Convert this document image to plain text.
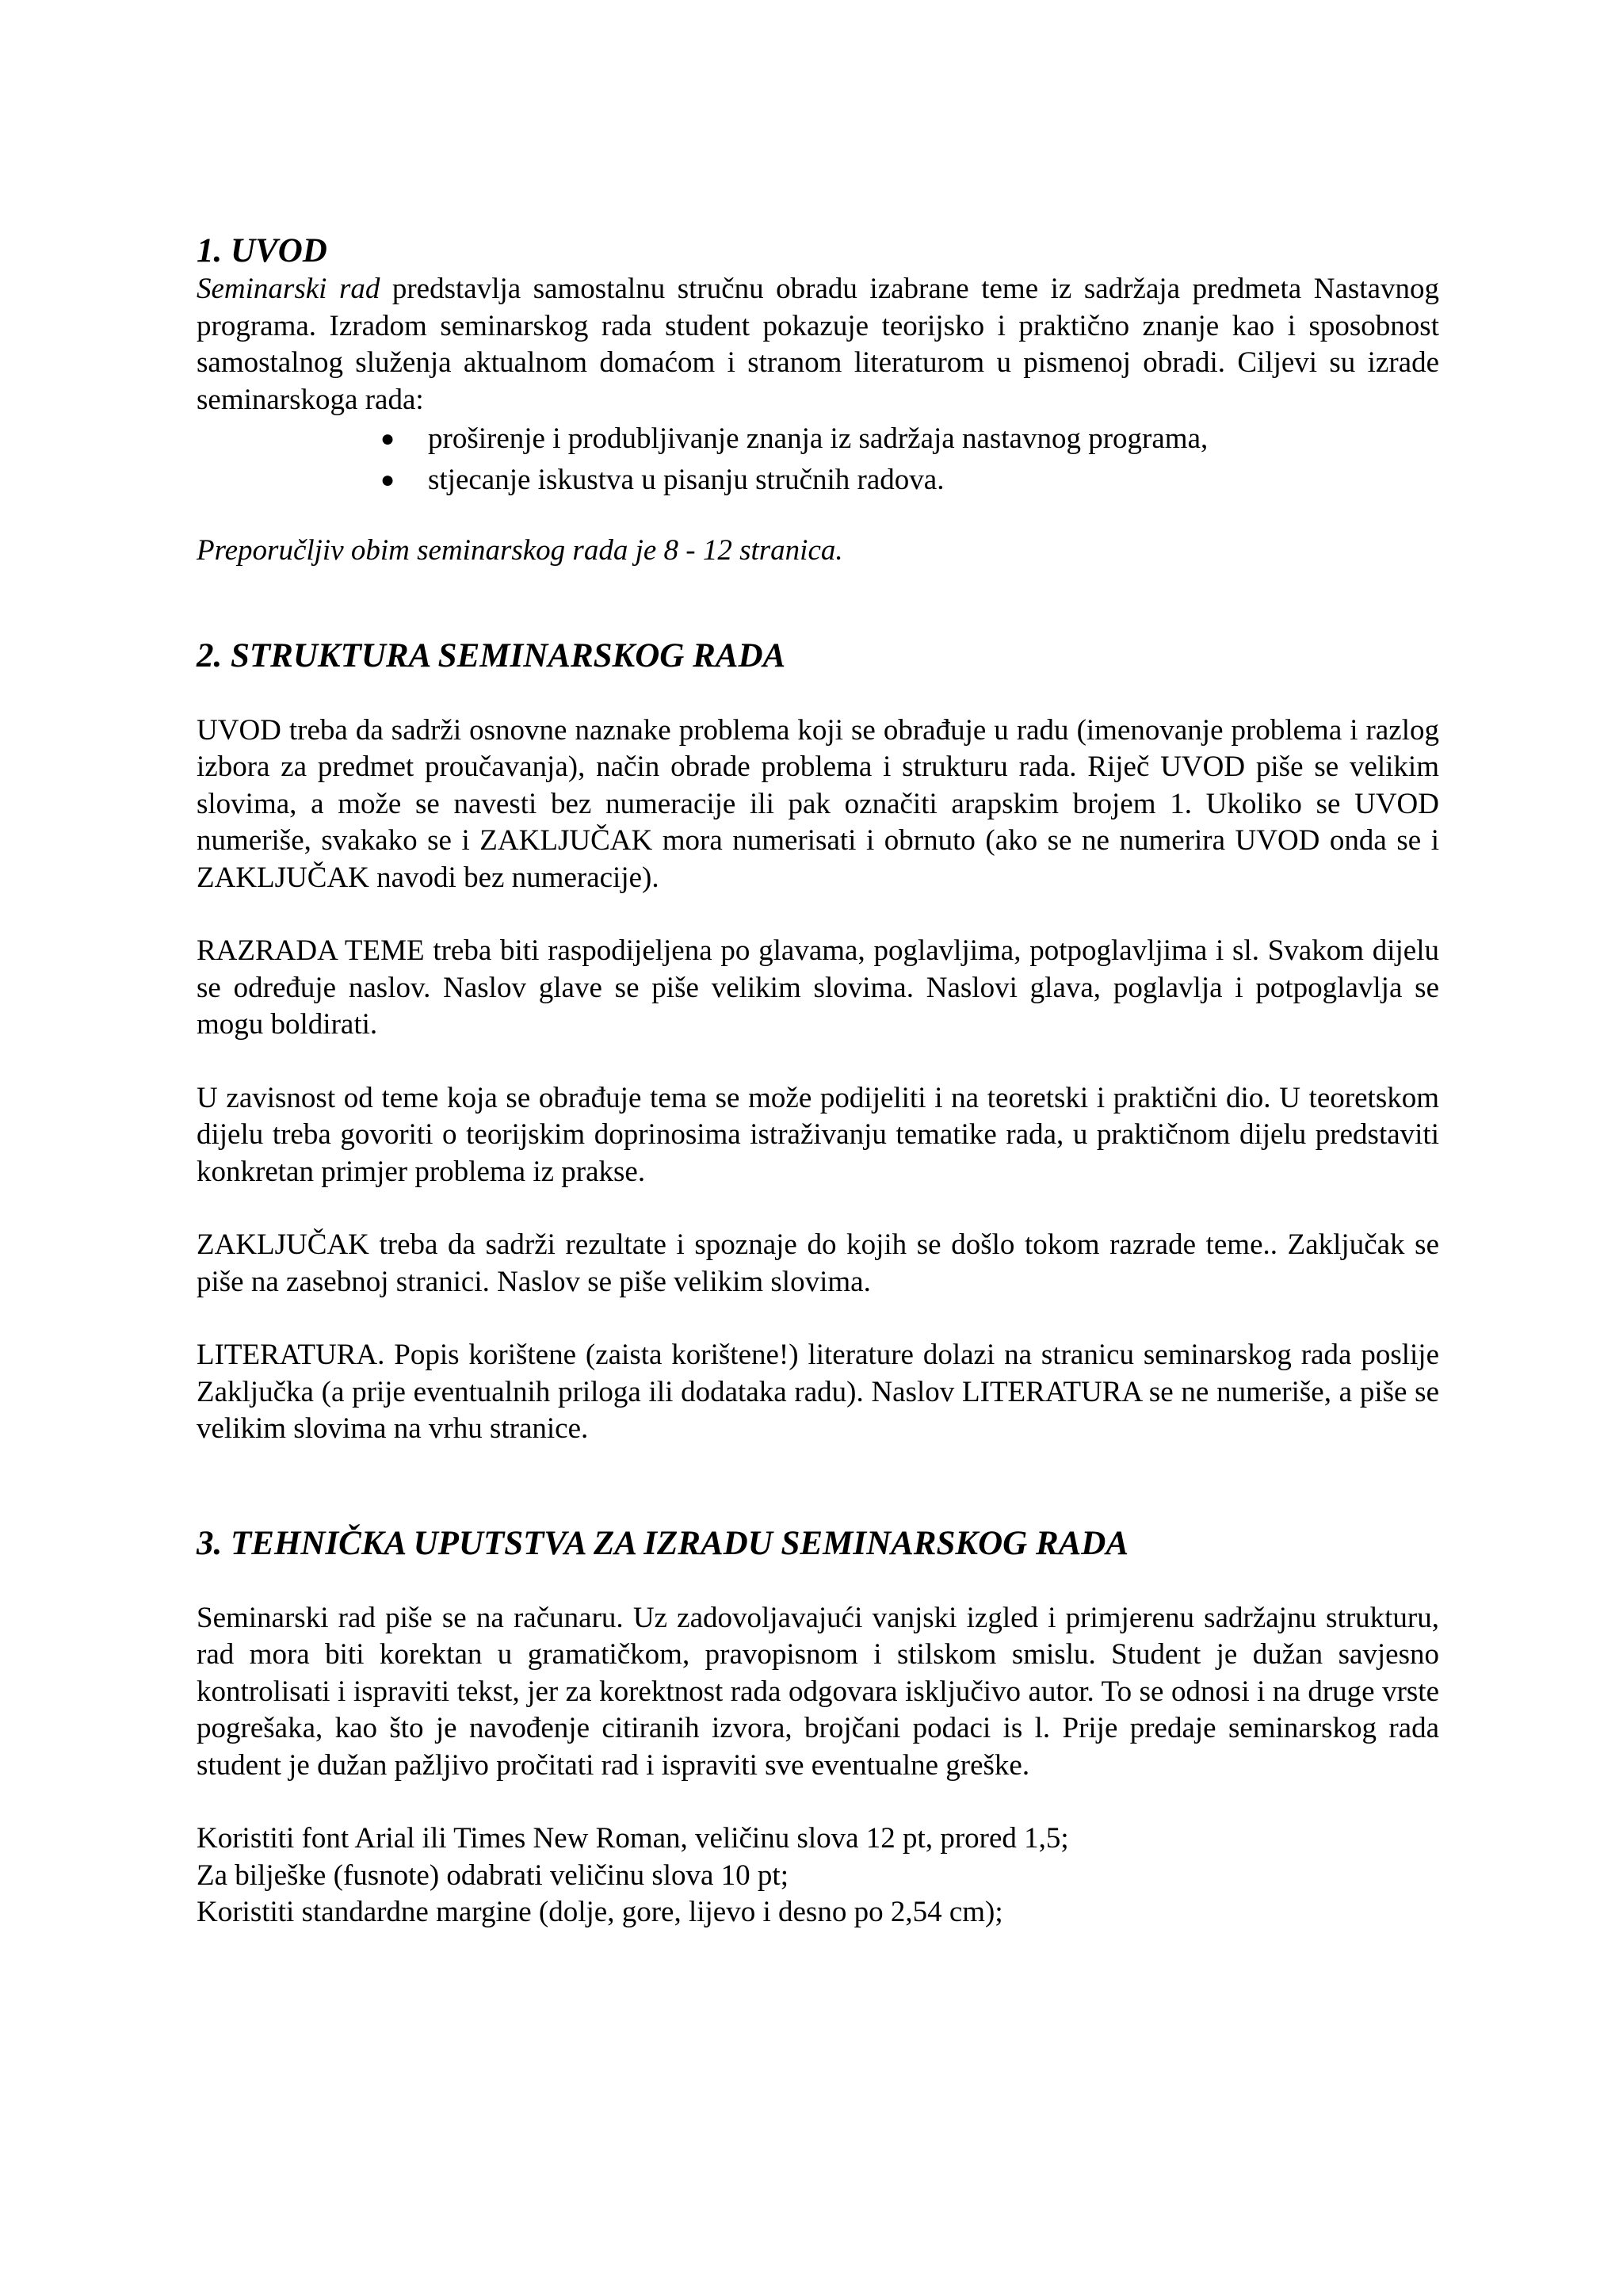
1. UVOD

Seminarski rad predstavlja samostalnu stručnu obradu izabrane teme iz sadržaja predmeta Nastavnog programa. Izradom seminarskog rada student pokazuje teorijsko i praktično znanje kao i sposobnost samostalnog služenja aktualnom domaćom i stranom literaturom u pismenoj obradi. Ciljevi su izrade seminarskoga rada:

●	proširenje i produbljivanje znanja iz sadržaja nastavnog programa,
●	stjecanje iskustva u pisanju stručnih radova.

Preporučljiv obim seminarskog rada je 8 - 12 stranica.

2. STRUKTURA SEMINARSKOG RADA

UVOD treba da sadrži osnovne naznake problema koji se obrađuje u radu (imenovanje problema i razlog izbora za predmet proučavanja), način obrade problema i strukturu rada. Riječ UVOD piše se velikim slovima, a može se navesti bez numeracije ili pak označiti arapskim brojem 1. Ukoliko se UVOD numeriše, svakako se i ZAKLJUČAK mora numerisati i obrnuto (ako se ne numerira UVOD onda se i ZAKLJUČAK navodi bez numeracije).

RAZRADA TEME treba biti raspodijeljena po glavama, poglavljima, potpoglavljima i sl. Svakom dijelu se određuje naslov. Naslov glave se piše velikim slovima. Naslovi glava, poglavlja i potpoglavlja se mogu boldirati.

U zavisnost od teme koja se obrađuje tema se može podijeliti i na teoretski i praktični dio. U teoretskom dijelu treba govoriti o teorijskim doprinosima istraživanju tematike rada, u praktičnom dijelu predstaviti konkretan primjer problema iz prakse.

ZAKLJUČAK treba da sadrži rezultate i spoznaje do kojih se došlo tokom razrade teme.. Zaključak se piše na zasebnoj stranici. Naslov se piše velikim slovima.

LITERATURA. Popis korištene (zaista korištene!) literature dolazi na stranicu seminarskog rada poslije Zaključka (a prije eventualnih priloga ili dodataka radu). Naslov LITERATURA se ne numeriše, a piše se velikim slovima na vrhu stranice.

3. TEHNIČKA UPUTSTVA ZA IZRADU SEMINARSKOG RADA

Seminarski rad piše se na računaru. Uz zadovoljavajući vanjski izgled i primjerenu sadržajnu strukturu, rad mora biti korektan u gramatičkom, pravopisnom i stilskom smislu. Student je dužan savjesno kontrolisati i ispraviti tekst, jer za korektnost rada odgovara isključivo autor. To se odnosi i na druge vrste pogrešaka, kao što je navođenje citiranih izvora, brojčani podaci is l. Prije predaje seminarskog rada student je dužan pažljivo pročitati rad i ispraviti sve eventualne greške.

Koristiti font Arial ili Times New Roman, veličinu slova 12 pt, prored 1,5;
Za bilješke (fusnote) odabrati veličinu slova 10 pt;
Koristiti standardne margine (dolje, gore, lijevo i desno po 2,54 cm);
